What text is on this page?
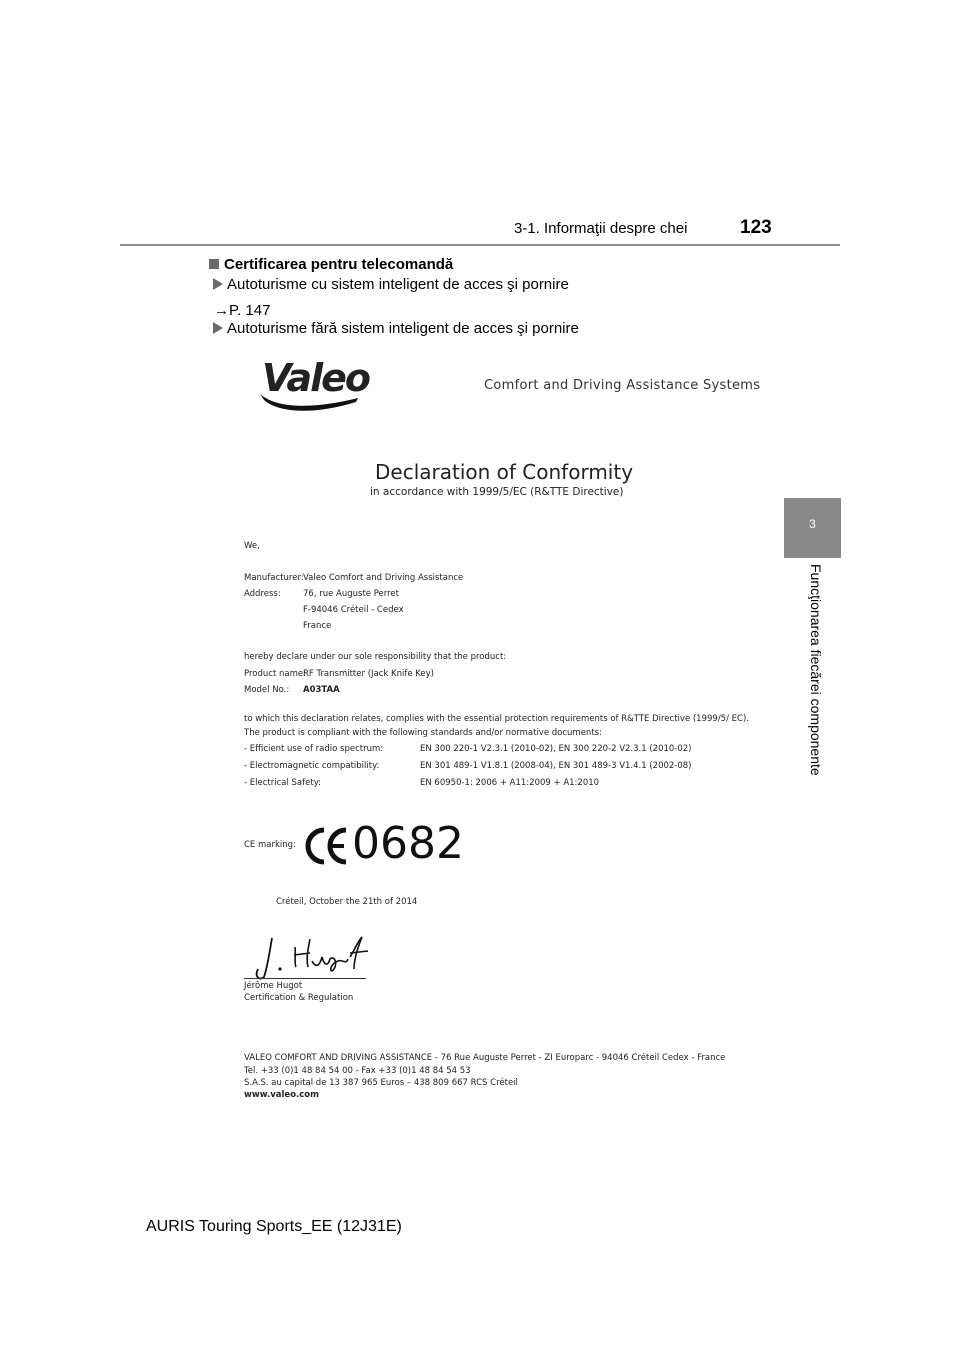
3-1. Informaţii despre chei	123
3
Funcţionarea fiecărei componente
Certificarea pentru telecomandă
Autoturisme cu sistem inteligent de acces şi pornire
→P. 147
Autoturisme fără sistem inteligent de acces şi pornire
Valeo	Comfort and Driving Assistance Systems
Declaration of Conformity
in accordance with 1999/5/EC (R&TTE Directive)
We,
Manufacturer: Valeo Comfort and Driving Assistance
Address:	76, rue Auguste Perret
F-94046 Créteil - Cedex
France
hereby declare under our sole responsibility that the product:
Product name:
RF Transmitter (Jack Knife Key)
Model No.: A03TAA
to which this declaration relates, complies with the essential protection requirements of R&TTE Directive (1999/5/ EC).
The product is compliant with the following standards and/or normative documents:
- Efficient use of radio spectrum:	EN 300 220-1 V2.3.1 (2010-02), EN 300 220-2 V2.3.1 (2010-02)
- Electromagnetic compatibility:	EN 301 489-1 V1.8.1 (2008-04), EN 301 489-3 V1.4.1 (2002-08)
- Electrical Safety:	EN 60950-1: 2006 + A11:2009 + A1:2010
CE marking: 0682
Créteil, October the 21th of 2014
Jérôme Hugot
Certification & Regulation
VALEO COMFORT AND DRIVING ASSISTANCE - 76 Rue Auguste Perret - ZI Europarc - 94046 Créteil Cedex - France
Tel. +33 (0)1 48 84 54 00 - Fax +33 (0)1 48 84 54 53
S.A.S. au capital de 13 387 965 Euros – 438 809 667 RCS Créteil
www.valeo.com
AURIS Touring Sports_EE (12J31E)
